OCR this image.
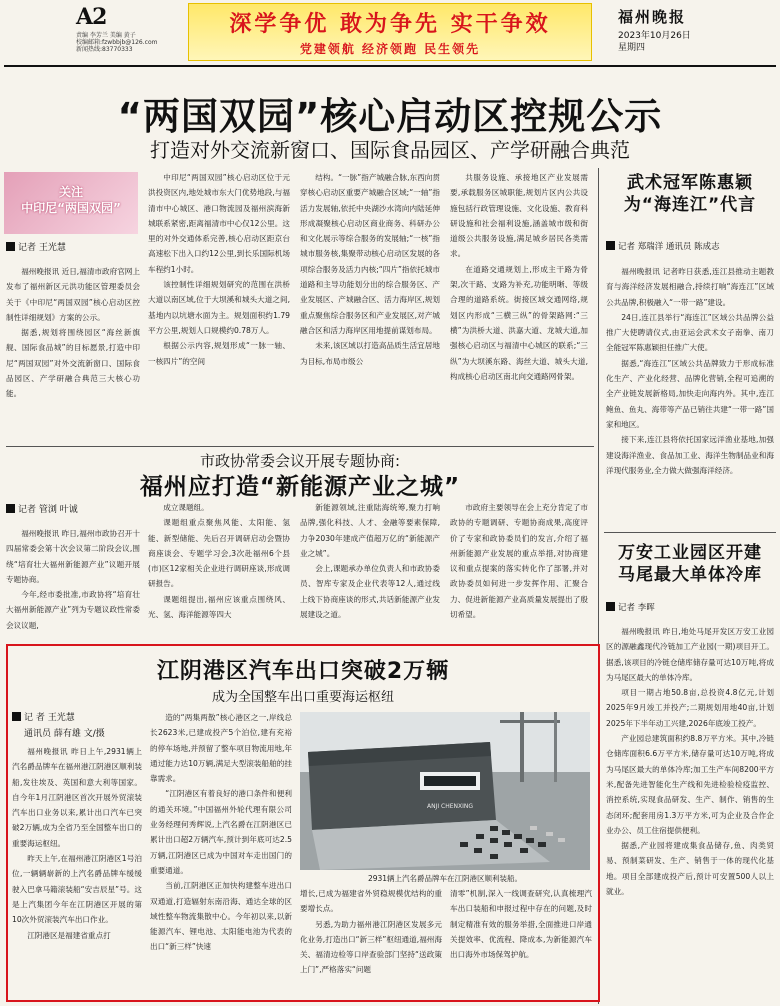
A2
责编 李芳兰 美编 黄子
校编邮箱:fzwbbjb@126.com
新闻热线:83770333
深学争优 敢为争先 实干争效
党建领航 经济领跑 民生领先
福州晚报
2023年10月26日
星期四
“两国双园”核心启动区控规公示
打造对外交流新窗口、国际食品园区、产学研融合典范
关注
中印尼“两国双园”
记者 王光慧

福州晚报讯 近日,福清市政府官网上发布了福州新区元洪功能区管理委员会关于《中印尼“两国双园”核心启动区控制性详细规划》方案的公示。

据悉,规划将围绕园区“海丝新旗舰、国际食品城”的目标愿景,打造中印尼“两国双园”对外交流新窗口、国际食品园区、产学研融合典范三大核心功能。

中印尼“两国双园”核心启动区位于元洪投资区内,地处城市东大门优势地段,与福清市中心城区、港口物流园及福州滨海新城联系紧密,距离福清市中心仅12公里。这里的对外交通体系完善,核心启动区距京台高速松下出入口约12公里,到长乐国际机场车程约1小时。

该控制性详细规划研究的范围在洪桥大道以南区域,位于大坝溪和城头大道之间,基地内以坑塘水面为主。规划面积约1.79平方公里,规划人口规模约0.78万人。

根据公示内容,规划形成“一脉一轴、一核四片”的空间

结构。“一脉”指产城融合脉,东西向贯穿核心启动区重要产城融合区域;“一轴”指活力发展轴,依托中央湖沙水湾向内陆延伸形成凝聚核心启动区商业商务、科研办公和文化展示等综合服务的发展轴;“一核”指城市服务核,集聚带动核心启动区发展的各项综合服务及活力内核;“四片”指依托城市道路和主导功能划分出的综合服务区、产业发展区、产城融合区、活力海岸区,规划重点聚焦综合服务区和产业发展区,对产城融合区和活力海岸区用地提前谋划布局。

未来,该区域以打造高品质生活宜居地为目标,布局市级公

共服务设施、承接地区产业发展需要,承载服务区城职能,规划片区内公共设施包括行政管理设施、文化设施、教育科研设施和社会福利设施,涵盖城市级和街道级公共服务设施,满足城乡居民各类需求。

在道路交通规划上,形成主干路为骨架,次干路、支路为补充,功能明晰、等级合理的道路系统。街接区域交通网络,规划区内形成“三横三纵”的骨架路网:“三横”为洪桥大道、洪嘉大道、龙城大道,加强核心启动区与福清中心城区的联系;“三纵”为大坝溪东路、海丝大道、城头大道,构成核心启动区南北向交通路网骨架。

武术冠军陈惠颖
为“海连江”代言
记者 郑瑞洋 通讯员 陈成志

福州晚报讯 记者昨日获悉,连江县推动主题教育与海洋经济发展相融合,持续打响“海连江”区域公共品牌,积极融入“一带一路”建设。

24日,连江县举行“海连江”区域公共品牌公益推广大使聘请仪式,由亚运会武术女子南拳、南刀全能冠军陈惠颖担任推广大使。

据悉,“海连江”区域公共品牌致力于形成标准化生产、产业化经营、品牌化营销,全程可追溯的全产业链发展新格局,加快走向海内外。其中,连江鲍鱼、鱼丸、海带等产品已销往共建“一带一路”国家和地区。

接下来,连江县将依托国家远洋渔业基地,加强建设海洋渔业、食品加工业、海洋生物制品业和海洋现代服务业,全力做大做强海洋经济。

市政协常委会议开展专题协商:
福州应打造“新能源产业之城”
记者 管浏 叶诚

福州晚报讯 昨日,福州市政协召开十四届常委会第十次会议第二阶段会议,围绕“培育壮大福州新能源产业”议题开展专题协商。

今年,经市委批准,市政协将“培育壮大福州新能源产业”列为专题议政性常委会议议题,

成立课题组。

课题组重点聚焦风能、太阳能、氢能、新型储能、先后召开调研启动会暨协商座谈会、专题学习会,3次赴福州6个县(市)区12家相关企业进行调研座谈,形成调研报告。

课题组提出,福州应该重点围绕风、光、氢、海洋能源等四大

新能源领域,注重陆海统筹,聚力打响品牌,强化科技、人才、金融等要素保障,力争2030年建成产值超万亿的“新能源产业之城”。

会上,课题承办单位负责人和市政协委员、智库专家及企业代表等12人,通过线上线下协商座谈的形式,共话新能源产业发展建设之道。

市政府主要领导在会上充分肯定了市政协的专题调研、专题协商成果,高度评价了专家和政协委员们的发言,介绍了福州新能源产业发展的重点举措,对协商建议和重点提案的落实转化作了部署,并对政协委员如何进一步发挥作用、汇聚合力、促进新能源产业高质量发展提出了殷切希望。

万安工业园区开建
马尾最大单体冷库
记者 李晖

福州晚报讯 昨日,地处马尾开发区万安工业园区的源融鑫现代冷链加工产业园(一期)项目开工。据悉,该项目的冷链仓储库储存量可达10万吨,将成为马尾区最大的单体冷库。

项目一期占地50.8亩,总投资4.8亿元,计划2025年9月竣工并投产;二期规划用地40亩,计划2025年下半年动工兴建,2026年底竣工投产。

产业园总建筑面积约8.8万平方米。其中,冷链仓储库面积6.6万平方米,储存量可达10万吨,将成为马尾区最大的单体冷库;加工生产车间8200平方米,配备先进智能化生产线和先进检验检疫监控、消控系统,实现食品研发、生产、制作、销售的生态闭环;配套用房1.3万平方米,可为企业及合作企业办公、员工住宿提供便利。

据悉,产业园将建成集食品储存,鱼、肉类贸易、预制菜研发、生产、销售于一体的现代化基地。项目全部建成投产后,预计可安置500人以上就业。

江阴港区汽车出口突破2万辆
成为全国整车出口重要海运枢纽
记 者 王光慧
通讯员 薛有雄 文/摄

福州晚报讯 昨日上午,2931辆上汽名爵品牌车在福州港江阴港区顺利装船,发往埃及、英国和意大利等国家。自今年1月江阴港区首次开展外贸滚装汽车出口业务以来,累计出口汽车已突破2万辆,成为全省乃至全国整车出口的重要海运枢纽。

昨天上午,在福州港江阴港区1号泊位,一辆辆崭新的上汽名爵品牌车缓缓驶入巴拿马籍滚装船“安吉辰星”号。这是上汽集团今年在江阴港区开展的第10次外贸滚装汽车出口作业。

江阴港区是福建省重点打

造的“两集两散”核心港区之一,岸线总长2623米,已建成投产5个泊位,建有充裕的停车场地,并预留了整车项目物流用地,年通过能力达10万辆,满足大型滚装船舶的挂靠需求。

“江阴港区有着良好的港口条件和便利的通关环境。”中国福州外轮代理有限公司业务经理何秀辉说,上汽名爵在江阴港区已累计出口超2万辆汽车,预计到年底可达2.5万辆,江阴港区已成为中国对车走出国门的重要通道。

当前,江阴港区正加快构建整车进出口双通道,打造辐射东南沿海、通达全球的区域性整车物流集散中心。今年初以来,以新能源汽车、锂电池、太阳能电池为代表的出口“新三样”快速

ANJI CHENXING
2931辆上汽名爵品牌车在江阴港区顺利装船。

增长,已成为福建省外贸稳规模优结构的重要增长点。

另悉,为助力福州港江阴港区发展多元化业务,打造出口“新三样”枢纽通道,福州海关、福清边检等口岸查验部门坚持“送政策上门”,严格落实“问题

清零”机制,深入一线调查研究,认真梳理汽车出口装船和申报过程中存在的问题,及时制定精准有效的服务举措,全面推进口岸通关提效率、优流程、降成本,为新能源汽车出口海外市场保驾护航。
